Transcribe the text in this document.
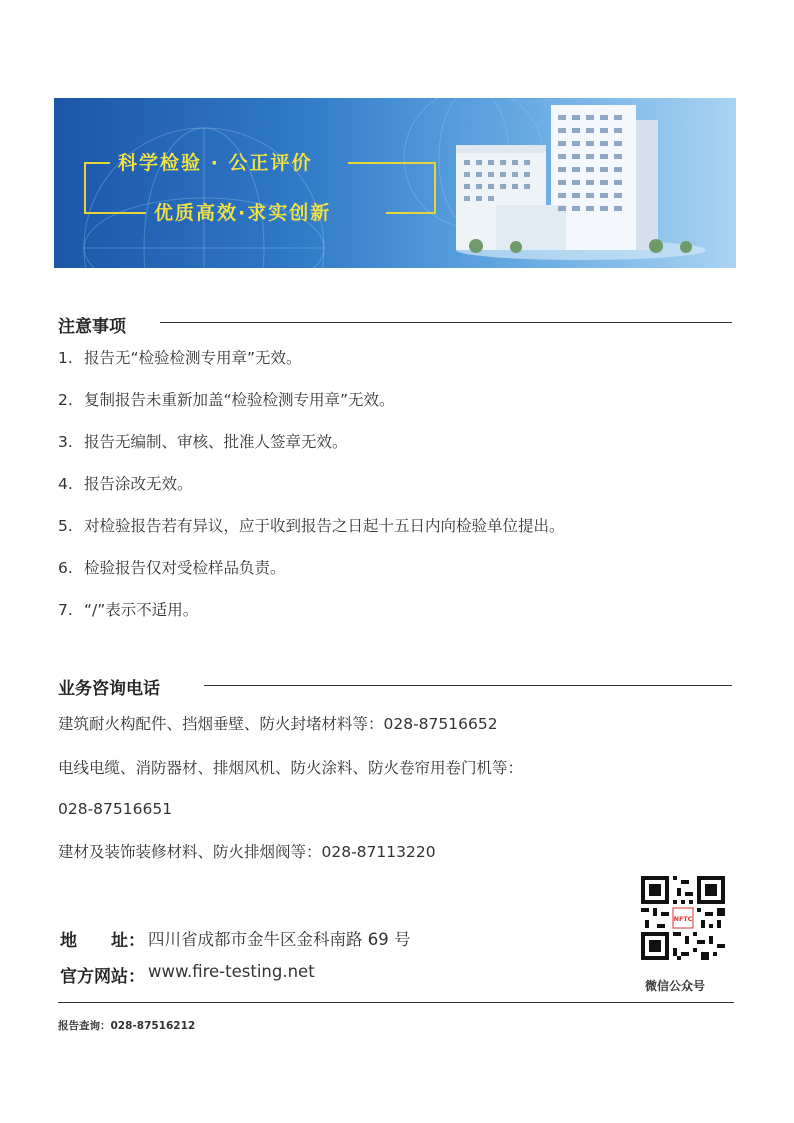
科学检验 · 公正评价
优质高效·求实创新
注意事项
1. 报告无“检验检测专用章”无效。
2. 复制报告未重新加盖“检验检测专用章”无效。
3. 报告无编制、审核、批准人签章无效。
4. 报告涂改无效。
5. 对检验报告若有异议，应于收到报告之日起十五日内向检验单位提出。
6. 检验报告仅对受检样品负责。
7. “/”表示不适用。
业务咨询电话
建筑耐火构配件、挡烟垂壁、防火封堵材料等：028-87516652
电线电缆、消防器材、排烟风机、防火涂料、防火卷帘用卷门机等：
028-87516651
建材及装饰装修材料、防火排烟阀等：028-87113220
地　　址： 四川省成都市金牛区金科南路 69 号
官方网站： www.fire-testing.net
NFTC
微信公众号
报告查询：028-87516212
